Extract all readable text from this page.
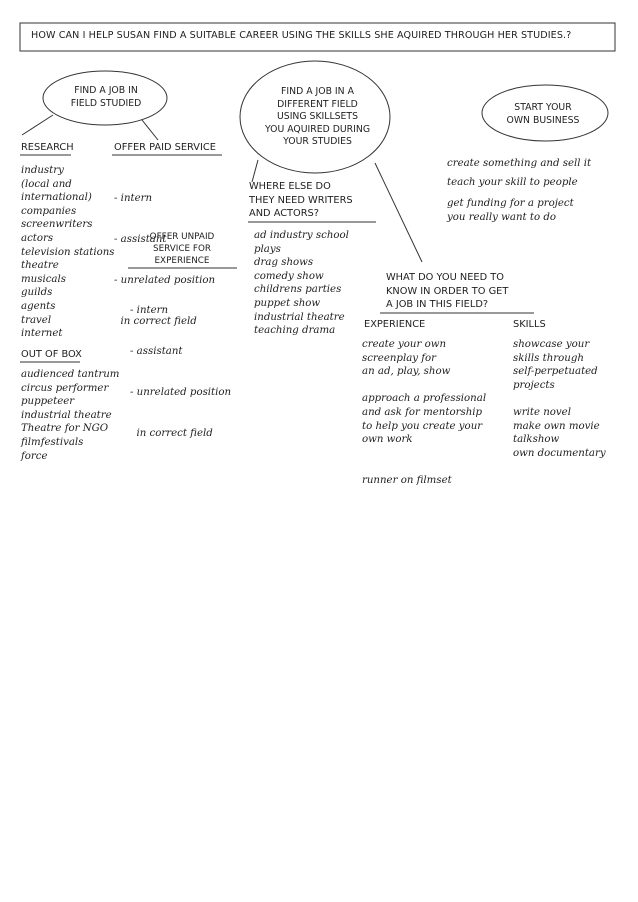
HOW CAN I HELP SUSAN FIND A SUITABLE CAREER USING THE SKILLS SHE AQUIRED THROUGH HER STUDIES.?
FIND A JOB IN
FIELD STUDIED
FIND A JOB IN A
DIFFERENT FIELD
USING SKILLSETS
YOU AQUIRED DURING
YOUR STUDIES
START YOUR
OWN BUSINESS
RESEARCH
industry
(local and
international)
companies
screenwriters
actors
television stations
theatre
musicals
guilds
agents
travel
internet
OUT OF BOX
audienced tantrum
circus performer
puppeteer
industrial theatre
Theatre for NGO
filmfestivals
force
OFFER PAID SERVICE

- intern

- assistant

- unrelated position

in correct field

OFFER UNPAID
SERVICE FOR
EXPERIENCE

- intern

- assistant

- unrelated position

in correct field

WHERE ELSE DO
THEY NEED WRITERS
AND ACTORS?
ad industry school
plays
drag shows
comedy show
childrens parties
puppet show
industrial theatre
teaching drama
create something and sell it
teach your skill to people
get funding for a project
you really want to do
WHAT DO YOU NEED TO
KNOW IN ORDER TO GET
A JOB IN THIS FIELD?
EXPERIENCE
create your own
screenplay for
an ad, play, show
approach a professional
and ask for mentorship
to help you create your
own work
runner on filmset
SKILLS
showcase your
skills through
self-perpetuated
projects
write novel
make own movie
talkshow
own documentary
